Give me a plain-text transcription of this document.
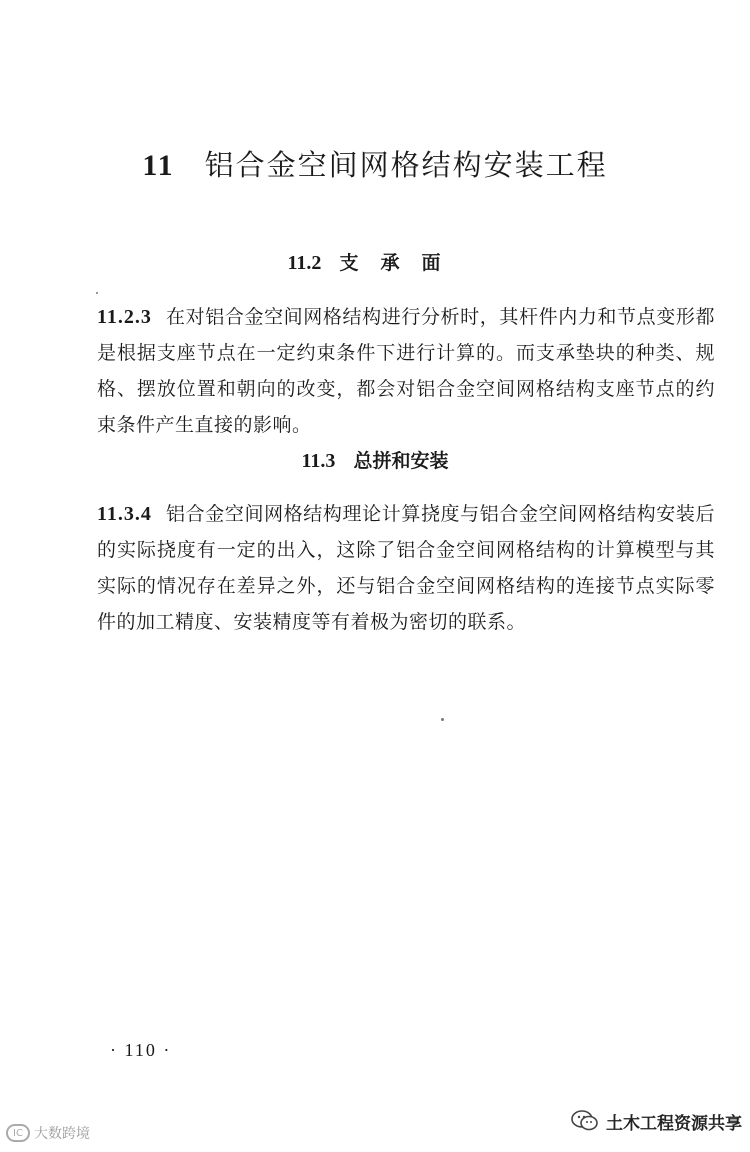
11 铝合金空间网格结构安装工程
11.2 支承面

11.2.3 在对铝合金空间网格结构进行分析时，其杆件内力和节点变形都是根据支座节点在一定约束条件下进行计算的。而支承垫块的种类、规格、摆放位置和朝向的改变，都会对铝合金空间网格结构支座节点的约束条件产生直接的影响。

11.3 总拼和安装

11.3.4 铝合金空间网格结构理论计算挠度与铝合金空间网格结构安装后的实际挠度有一定的出入，这除了铝合金空间网格结构的计算模型与其实际的情况存在差异之外，还与铝合金空间网格结构的连接节点实际零件的加工精度、安装精度等有着极为密切的联系。

· 110 ·
IC 大数跨境
土木工程资源共享
